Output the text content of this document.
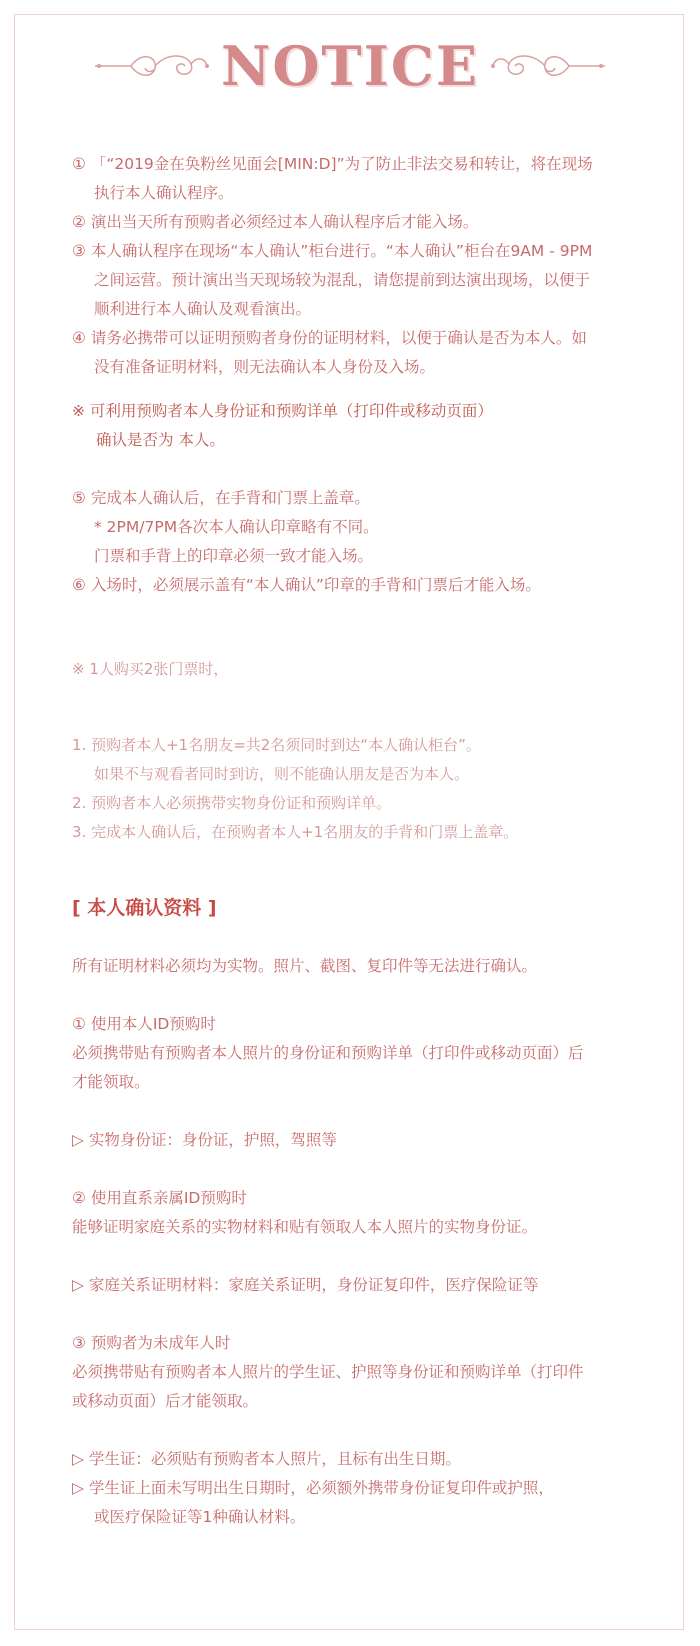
NOTICE
① 「“2019金在奂粉丝见面会[MIN:D]”为了防止非法交易和转让，将在现场
执行本人确认程序。
② 演出当天所有预购者必须经过本人确认程序后才能入场。
③ 本人确认程序在现场“本人确认”柜台进行。“本人确认”柜台在9AM - 9PM
之间运营。预计演出当天现场较为混乱，请您提前到达演出现场，以便于
顺利进行本人确认及观看演出。
④ 请务必携带可以证明预购者身份的证明材料，以便于确认是否为本人。如
没有准备证明材料，则无法确认本人身份及入场。
※ 可利用预购者本人身份证和预购详单（打印件或移动页面）
确认是否为 本人。
⑤ 完成本人确认后，在手背和门票上盖章。
* 2PM/7PM各次本人确认印章略有不同。
门票和手背上的印章必须一致才能入场。
⑥ 入场时，必须展示盖有“本人确认”印章的手背和门票后才能入场。
※ 1人购买2张门票时，
1. 预购者本人+1名朋友=共2名须同时到达“本人确认柜台”。
如果不与观看者同时到访，则不能确认朋友是否为本人。
2. 预购者本人必须携带实物身份证和预购详单。
3. 完成本人确认后，在预购者本人+1名朋友的手背和门票上盖章。
[ 本人确认资料 ]
所有证明材料必须均为实物。照片、截图、复印件等无法进行确认。
① 使用本人ID预购时
必须携带贴有预购者本人照片的身份证和预购详单（打印件或移动页面）后
才能领取。
▷ 实物身份证：身份证，护照，驾照等
② 使用直系亲属ID预购时
能够证明家庭关系的实物材料和贴有领取人本人照片的实物身份证。
▷ 家庭关系证明材料：家庭关系证明，身份证复印件，医疗保险证等
③ 预购者为未成年人时
必须携带贴有预购者本人照片的学生证、护照等身份证和预购详单（打印件
或移动页面）后才能领取。
▷ 学生证：必须贴有预购者本人照片，且标有出生日期。
▷ 学生证上面未写明出生日期时，必须额外携带身份证复印件或护照，
或医疗保险证等1种确认材料。
